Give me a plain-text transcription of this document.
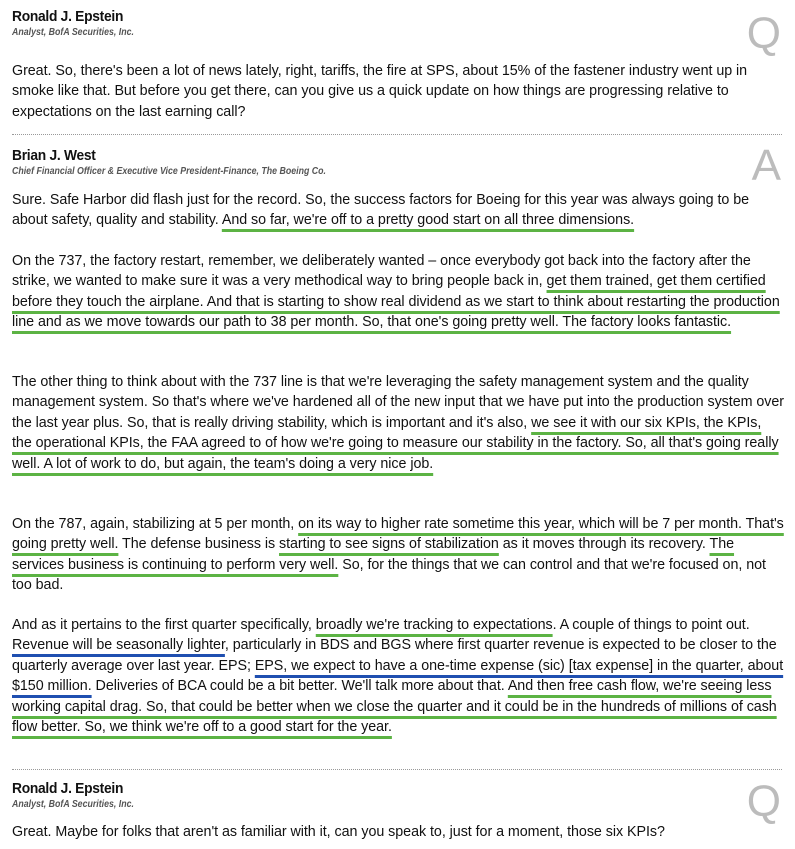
Ronald J. Epstein

Analyst, BofA Securities, Inc.	Q

Great. So, there's been a lot of news lately, right, tariffs, the fire at SPS, about 15% of the fastener industry went up in smoke like that. But before you get there, can you give us a quick update on how things are progressing relative to expectations on the last earning call?

Brian J. West

Chief Financial Officer & Executive Vice President-Finance, The Boeing Co.	A

Sure. Safe Harbor did flash just for the record. So, the success factors for Boeing for this year was always going to be about safety, quality and stability. And so far, we're off to a pretty good start on all three dimensions.

On the 737, the factory restart, remember, we deliberately wanted – once everybody got back into the factory after the strike, we wanted to make sure it was a very methodical way to bring people back in, get them trained, get them certified before they touch the airplane. And that is starting to show real dividend as we start to think about restarting the production line and as we move towards our path to 38 per month. So, that one's going pretty well. The factory looks fantastic.

The other thing to think about with the 737 line is that we're leveraging the safety management system and the quality management system. So that's where we've hardened all of the new input that we have put into the production system over the last year plus. So, that is really driving stability, which is important and it's also, we see it with our six KPIs, the KPIs, the operational KPIs, the FAA agreed to of how we're going to measure our stability in the factory. So, all that's going really well. A lot of work to do, but again, the team's doing a very nice job.

On the 787, again, stabilizing at 5 per month, on its way to higher rate sometime this year, which will be 7 per month. That's going pretty well. The defense business is starting to see signs of stabilization as it moves through its recovery. The services business is continuing to perform very well. So, for the things that we can control and that we're focused on, not too bad.

And as it pertains to the first quarter specifically, broadly we're tracking to expectations. A couple of things to point out. Revenue will be seasonally lighter, particularly in BDS and BGS where first quarter revenue is expected to be closer to the quarterly average over last year. EPS; EPS, we expect to have a one-time expense (sic) [tax expense] in the quarter, about $150 million. Deliveries of BCA could be a bit better. We'll talk more about that. And then free cash flow, we're seeing less working capital drag. So, that could be better when we close the quarter and it could be in the hundreds of millions of cash flow better. So, we think we're off to a good start for the year.

Ronald J. Epstein

Analyst, BofA Securities, Inc.	Q

Great. Maybe for folks that aren't as familiar with it, can you speak to, just for a moment, those six KPIs?
